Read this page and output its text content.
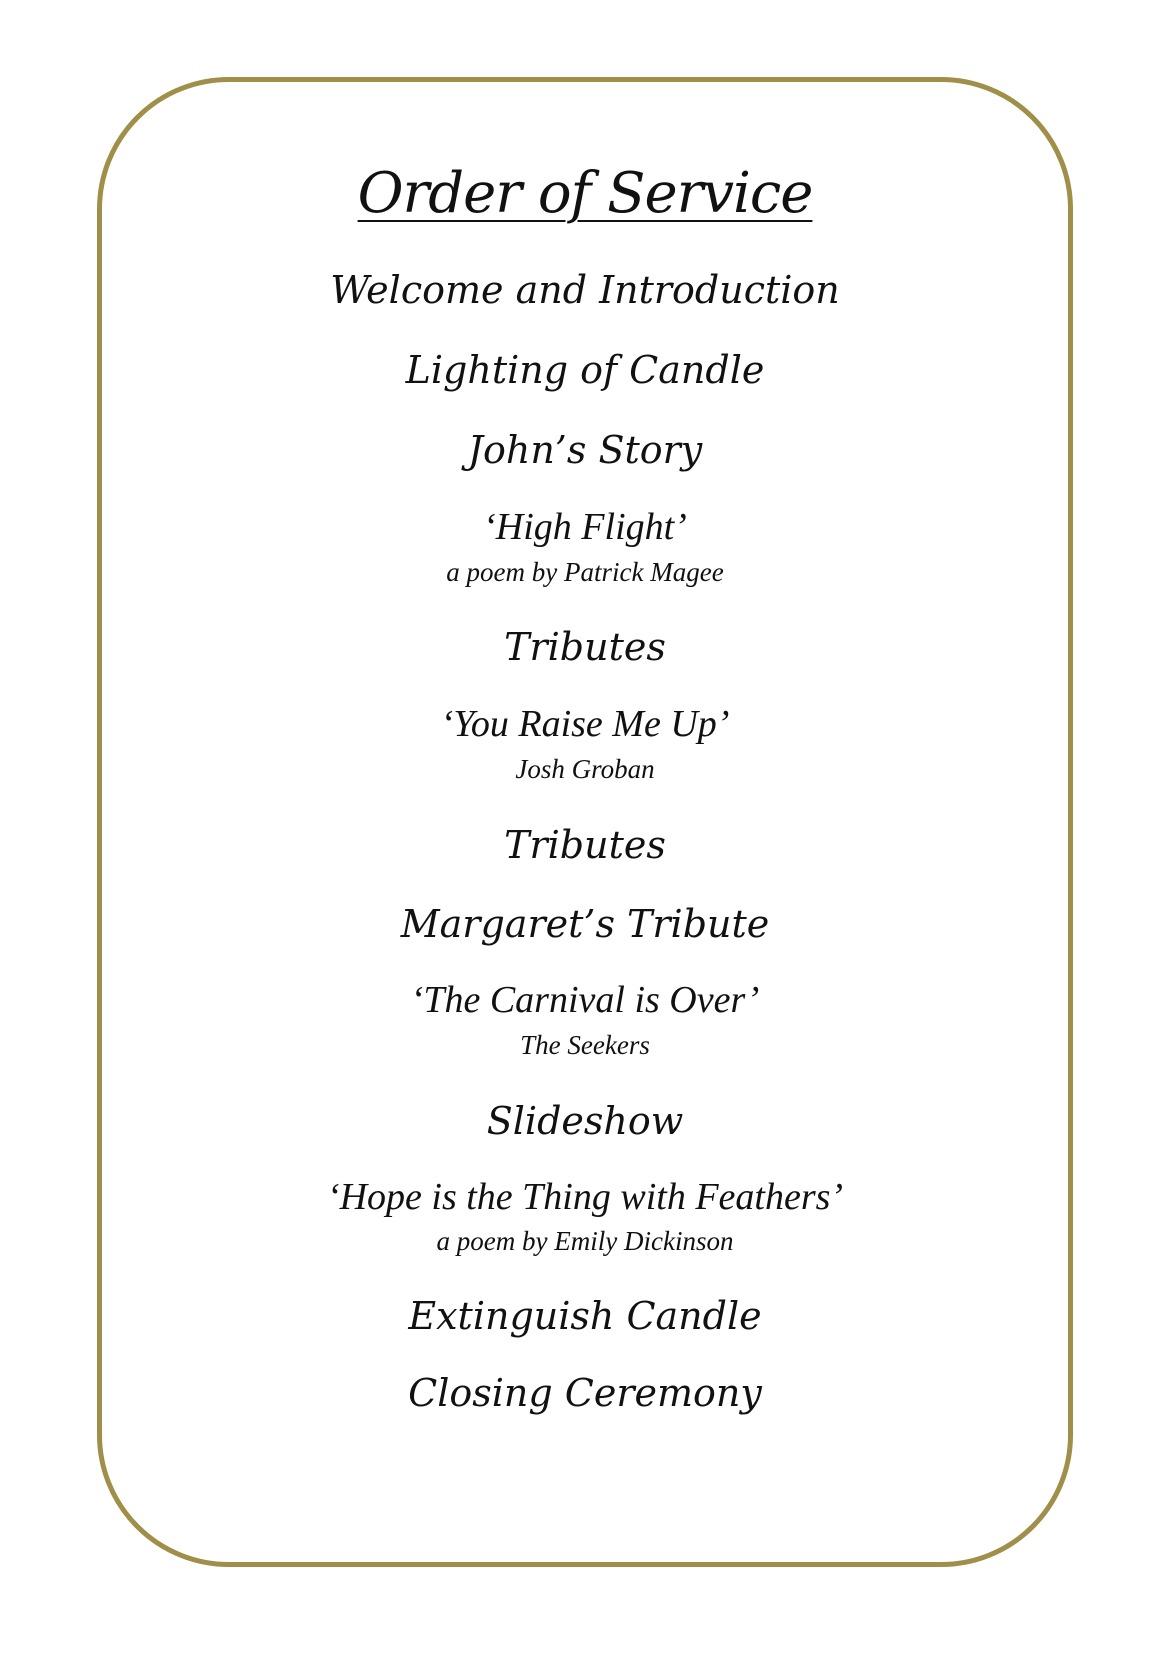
Order of Service
Welcome and Introduction
Lighting of Candle
John’s Story
‘High Flight’
a poem by Patrick Magee
Tributes
‘You Raise Me Up’
Josh Groban
Tributes
Margaret’s Tribute
‘The Carnival is Over’
The Seekers
Slideshow
‘Hope is the Thing with Feathers’
a poem by Emily Dickinson
Extinguish Candle
Closing Ceremony
